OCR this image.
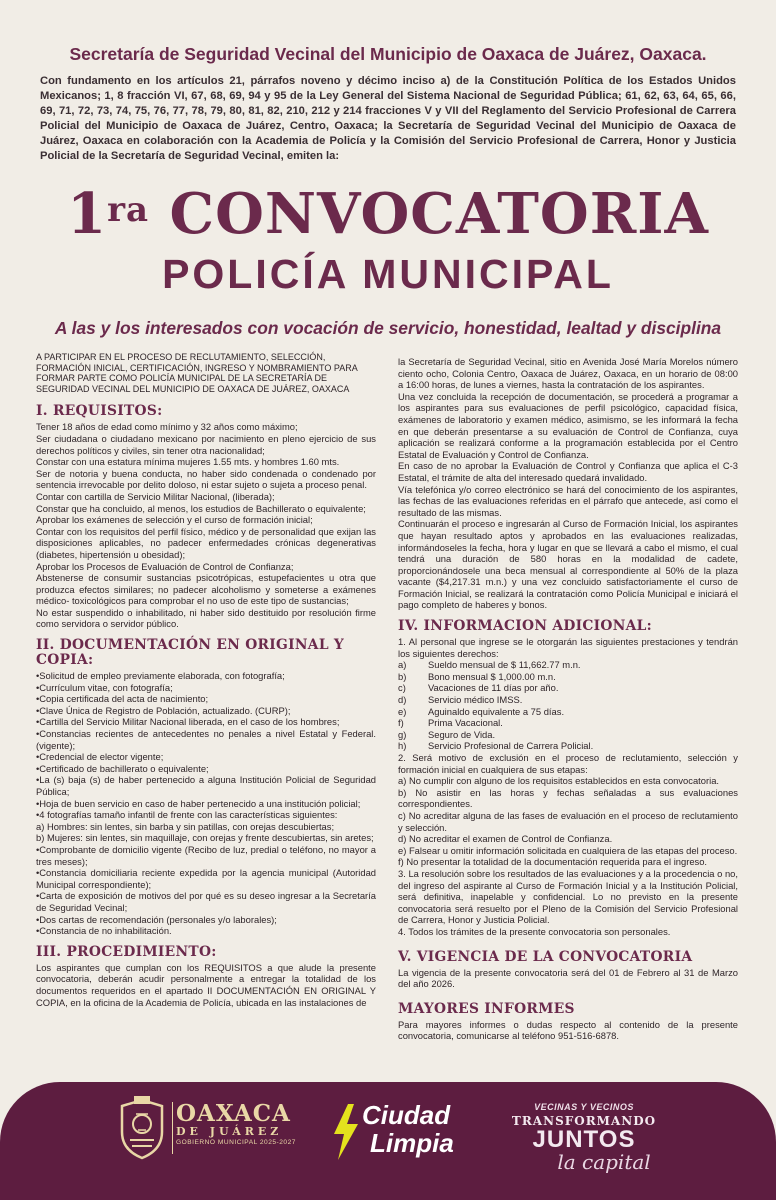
Secretaría de Seguridad Vecinal del Municipio de Oaxaca de Juárez, Oaxaca.

Con fundamento en los artículos 21, párrafos noveno y décimo inciso a) de la Constitución Política de los Estados Unidos Mexicanos; 1, 8 fracción VI, 67, 68, 69, 94 y 95 de la Ley General del Sistema Nacional de Seguridad Pública; 61, 62, 63, 64, 65, 66, 69, 71, 72, 73, 74, 75, 76, 77, 78, 79, 80, 81, 82, 210, 212 y 214 fracciones V y VII del Reglamento del Servicio Profesional de Carrera Policial del Municipio de Oaxaca de Juárez, Centro, Oaxaca; la Secretaría de Seguridad Vecinal del Municipio de Oaxaca de Juárez, Oaxaca en colaboración con la Academia de Policía y la Comisión del Servicio Profesional de Carrera, Honor y Justicia Policial de la Secretaría de Seguridad Vecinal, emiten la:

$1^{ra}$ CONVOCATORIA
POLICÍA MUNICIPAL
A las y los interesados con vocación de servicio, honestidad, lealtad y disciplina

A PARTICIPAR EN EL PROCESO DE RECLUTAMIENTO, SELECCIÓN, FORMACIÓN INICIAL, CERTIFICACIÓN, INGRESO Y NOMBRAMIENTO PARA FORMAR PARTE COMO POLICÍA MUNICIPAL DE LA SECRETARÍA DE SEGURIDAD VECINAL DEL MUNICIPIO DE OAXACA DE JUÁREZ, OAXACA

I. REQUISITOS:

Tener 18 años de edad como mínimo y 32 años como máximo;

Ser ciudadana o ciudadano mexicano por nacimiento en pleno ejercicio de sus derechos políticos y civiles, sin tener otra nacionalidad;

Constar con una estatura mínima mujeres 1.55 mts. y hombres 1.60 mts.

Ser de notoria y buena conducta, no haber sido condenada o condenado por sentencia irrevocable por delito doloso, ni estar sujeto o sujeta a proceso penal.

Contar con cartilla de Servicio Militar Nacional, (liberada);

Constar que ha concluido, al menos, los estudios de Bachillerato o equivalente;

Aprobar los exámenes de selección y el curso de formación inicial;

Contar con los requisitos del perfil físico, médico y de personalidad que exijan las disposiciones aplicables, no padecer enfermedades crónicas degenerativas (diabetes, hipertensión u obesidad);

Aprobar los Procesos de Evaluación de Control de Confianza;

Abstenerse de consumir sustancias psicotrópicas, estupefacientes u otra que produzca efectos similares; no padecer alcoholismo y someterse a exámenes médico- toxicológicos para comprobar el no uso de este tipo de sustancias;

No estar suspendido o inhabilitado, ni haber sido destituido por resolución firme como servidora o servidor público.

II. DOCUMENTACIÓN EN ORIGINAL Y COPIA:

•Solicitud de empleo previamente elaborada, con fotografía;

•Currículum vitae, con fotografía;

•Copia certificada del acta de nacimiento;

•Clave Única de Registro de Población, actualizado. (CURP);

•Cartilla del Servicio Militar Nacional liberada, en el caso de los hombres;

•Constancias recientes de antecedentes no penales a nivel Estatal y Federal. (vigente);

•Credencial de elector vigente;

•Certificado de bachillerato o equivalente;

•La (s) baja (s) de haber pertenecido a alguna Institución Policial de Seguridad Pública;

•Hoja de buen servicio en caso de haber pertenecido a una institución policial;

•4 fotografías tamaño infantil de frente con las características siguientes:

a) Hombres: sin lentes, sin barba y sin patillas, con orejas descubiertas;

b) Mujeres: sin lentes, sin maquillaje, con orejas y frente descubiertas, sin aretes;

•Comprobante de domicilio vigente (Recibo de luz, predial o teléfono, no mayor a tres meses);

•Constancia domiciliaria reciente expedida por la agencia municipal (Autoridad Municipal correspondiente);

•Carta de exposición de motivos del por qué es su deseo ingresar a la Secretaría de Seguridad Vecinal;

•Dos cartas de recomendación (personales y/o laborales);

•Constancia de no inhabilitación.

III. PROCEDIMIENTO:

Los aspirantes que cumplan con los REQUISITOS a que alude la presente convocatoria, deberán acudir personalmente a entregar la totalidad de los documentos requeridos en el apartado II DOCUMENTACIÓN EN ORIGINAL Y COPIA, en la oficina de la Academia de Policía, ubicada en las instalaciones de

la Secretaría de Seguridad Vecinal, sitio en Avenida José María Morelos número ciento ocho, Colonia Centro, Oaxaca de Juárez, Oaxaca, en un horario de 08:00 a 16:00 horas, de lunes a viernes, hasta la contratación de los aspirantes.

Una vez concluida la recepción de documentación, se procederá a programar a los aspirantes para sus evaluaciones de perfil psicológico, capacidad física, exámenes de laboratorio y examen médico, asimismo, se les informará la fecha en que deberán presentarse a su evaluación de Control de Confianza, cuya aplicación se realizará conforme a la programación establecida por el Centro Estatal de Evaluación y Control de Confianza.

En caso de no aprobar la Evaluación de Control y Confianza que aplica el C-3 Estatal, el trámite de alta del interesado quedará invalidado.

Vía telefónica y/o correo electrónico se hará del conocimiento de los aspirantes, las fechas de las evaluaciones referidas en el párrafo que antecede, así como el resultado de las mismas.

Continuarán el proceso e ingresarán al Curso de Formación Inicial, los aspirantes que hayan resultado aptos y aprobados en las evaluaciones realizadas, informándoseles la fecha, hora y lugar en que se llevará a cabo el mismo, el cual tendrá una duración de 580 horas en la modalidad de cadete, proporcionándosele una beca mensual al correspondiente al 50% de la plaza vacante ($4,217.31 m.n.) y una vez concluido satisfactoriamente el curso de Formación Inicial, se realizará la contratación como Policía Municipal e iniciará el pago completo de haberes y bonos.

IV. INFORMACION ADICIONAL:

1. Al personal que ingrese se le otorgarán las siguientes prestaciones y tendrán los siguientes derechos:

a)	Sueldo mensual de $ 11,662.77 m.n.
b)	Bono mensual $ 1,000.00 m.n.
c)	Vacaciones de 11 días por año.
d)	Servicio médico IMSS.
e)	Aguinaldo equivalente a 75 días.
f)	Prima Vacacional.
g)	Seguro de Vida.
h)	Servicio Profesional de Carrera Policial.

2. Será motivo de exclusión en el proceso de reclutamiento, selección y formación inicial en cualquiera de sus etapas:

a) No cumplir con alguno de los requisitos establecidos en esta convocatoria.

b) No asistir en las horas y fechas señaladas a sus evaluaciones correspondientes.

c) No acreditar alguna de las fases de evaluación en el proceso de reclutamiento y selección.

d) No acreditar el examen de Control de Confianza.

e) Falsear u omitir información solicitada en cualquiera de las etapas del proceso.

f) No presentar la totalidad de la documentación requerida para el ingreso.

3. La resolución sobre los resultados de las evaluaciones y a la procedencia o no, del ingreso del aspirante al Curso de Formación Inicial y a la Institución Policial, será definitiva, inapelable y confidencial. Lo no previsto en la presente convocatoria será resuelto por el Pleno de la Comisión del Servicio Profesional de Carrera, Honor y Justicia Policial.

4. Todos los trámites de la presente convocatoria son personales.

V. VIGENCIA DE LA CONVOCATORIA

La vigencia de la presente convocatoria será del 01 de Febrero al 31 de Marzo del año 2026.

MAYORES INFORMES

Para mayores informes o dudas respecto al contenido de la presente convocatoria, comunicarse al teléfono 951-516-6878.

OAXACA
DE JUÁREZ
GOBIERNO MUNICIPAL 2025-2027
Ciudad
Limpia
VECINAS Y VECINOS
TRANSFORMANDO
JUNTOS
la capital
